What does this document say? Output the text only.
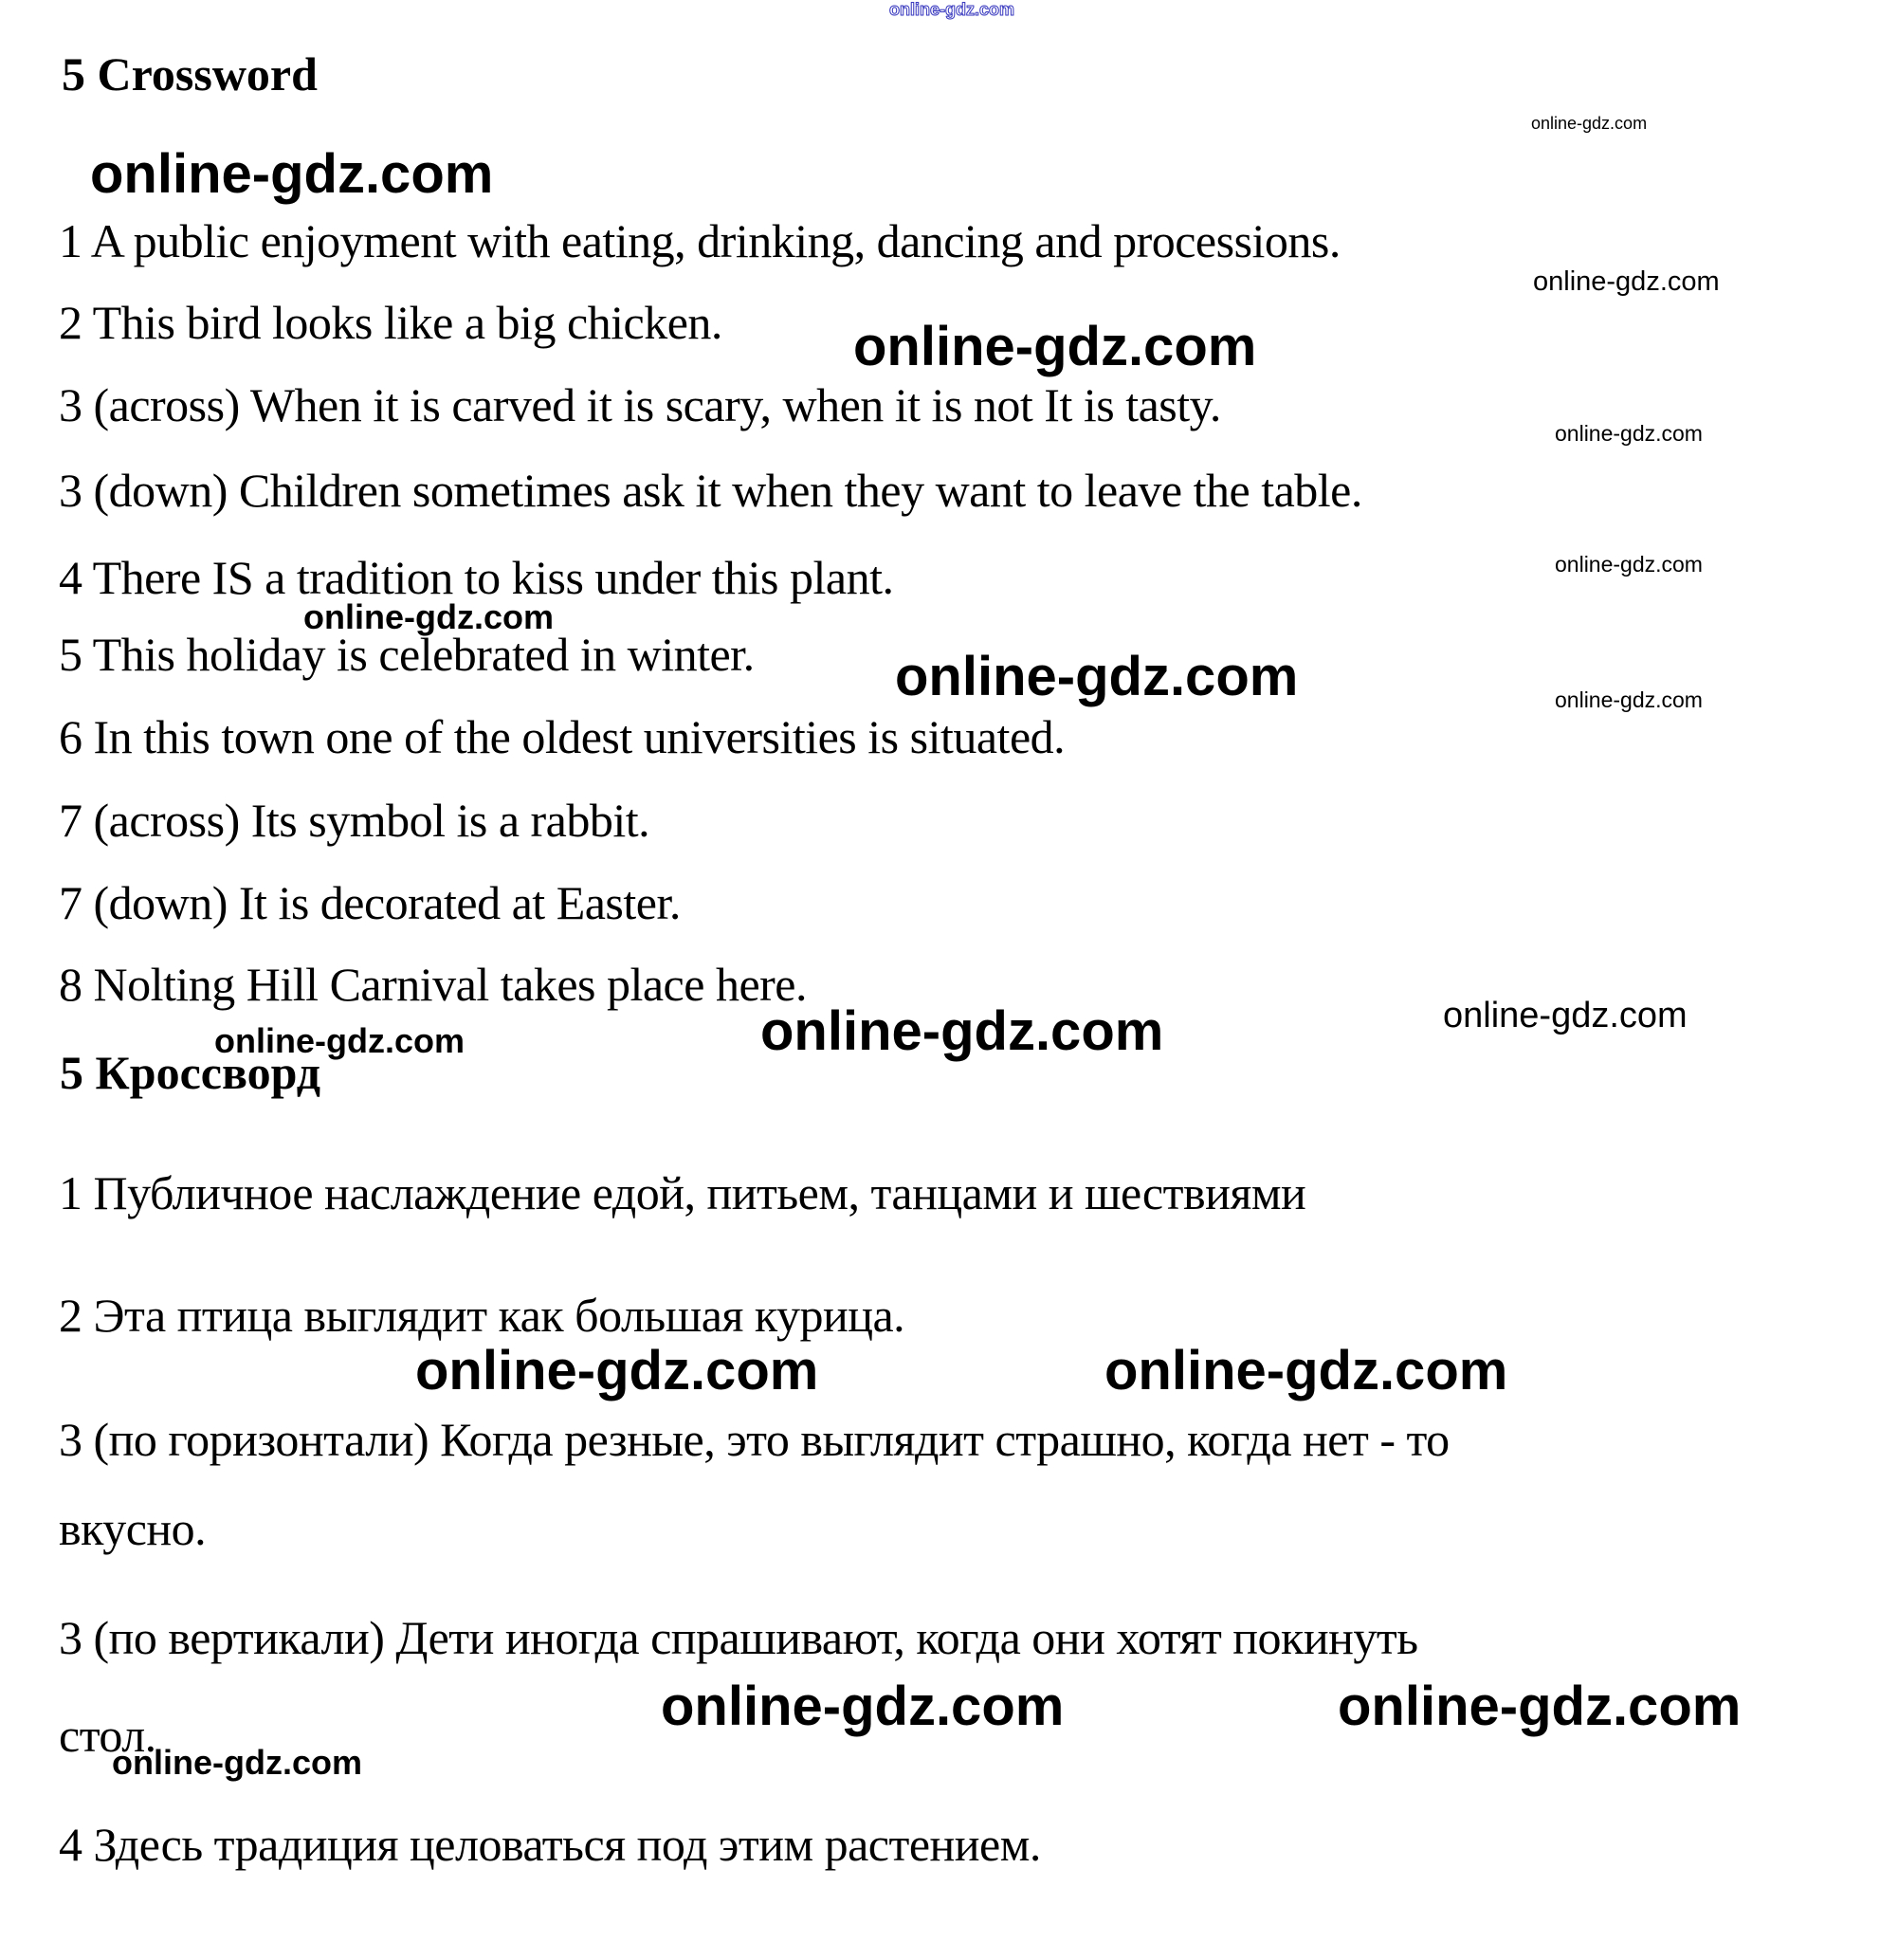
online-gdz.com
online-gdz.com
5 Crossword
online-gdz.com
1 A public enjoyment with eating, drinking, dancing and processions.
online-gdz.com
2 This bird looks like a big chicken. online-gdz.com
3 (across) When it is carved it is scary, when it is not It is tasty.
online-gdz.com
3 (down) Children sometimes ask it when they want to leave the table.
4 There IS a tradition to kiss under this plant.	online-gdz.com
online-gdz.com
5 This holiday is celebrated in winter.	online-gdz.com	online-gdz.com
6 In this town one of the oldest universities is situated.
7 (across) Its symbol is a rabbit.
7 (down) It is decorated at Easter.
8 Nolting Hill Carnival takes place here.
online-gdz.com
online-gdz.com
online-gdz.com
5 Кроссворд
1 Публичное наслаждение едой, питьем, танцами и шествиями
2 Эта птица выглядит как большая курица.
online-gdz.com	online-gdz.com
3 (по горизонтали) Когда резные, это выглядит страшно, когда нет - то
вкусно.
3 (по вертикали) Дети иногда спрашивают, когда они хотят покинуть
online-gdz.com	online-gdz.com
стол.
online-gdz.com
4 Здесь традиция целоваться под этим растением.
